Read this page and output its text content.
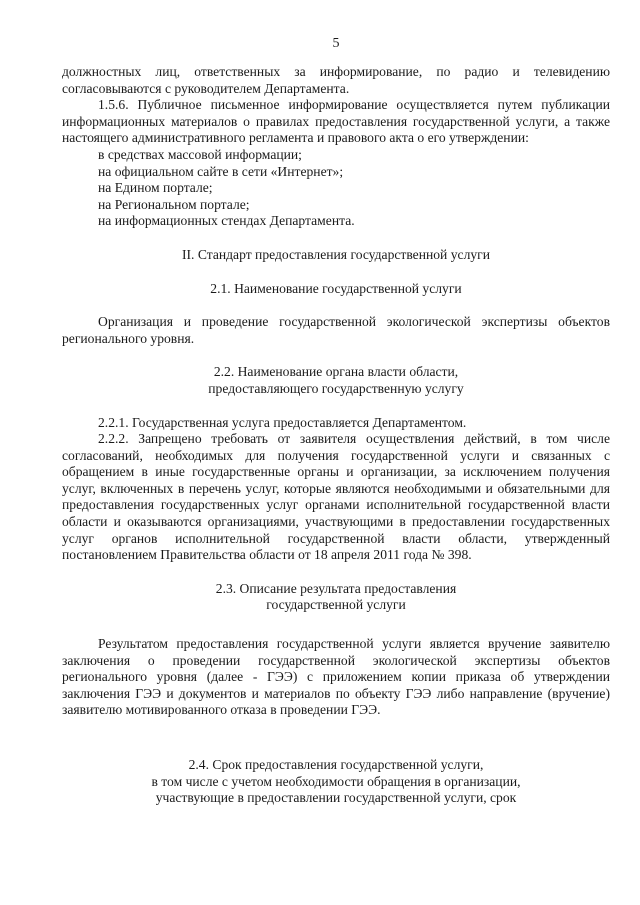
5

должностных лиц, ответственных за информирование, по радио и телевидению согласовываются с руководителем Департамента.

1.5.6. Публичное письменное информирование осуществляется путем публикации информационных материалов о правилах предоставления государственной услуги, а также настоящего административного регламента и правового акта о его утверждении:

в средствах массовой информации;

на официальном сайте в сети «Интернет»;

на Едином портале;

на Региональном портале;

на информационных стендах Департамента.

II. Стандарт предоставления государственной услуги

2.1. Наименование государственной услуги

Организация и проведение государственной экологической экспертизы объектов регионального уровня.

2.2. Наименование органа власти области,

предоставляющего государственную услугу

2.2.1. Государственная услуга предоставляется Департаментом.

2.2.2. Запрещено требовать от заявителя осуществления действий, в том числе согласований, необходимых для получения государственной услуги и связанных с обращением в иные государственные органы и организации, за исключением получения услуг, включенных в перечень услуг, которые являются необходимыми и обязательными для предоставления государственных услуг органами исполнительной государственной власти области и оказываются организациями, участвующими в предоставлении государственных услуг органов исполнительной государственной власти области, утвержденный постановлением Правительства области от 18 апреля 2011 года № 398.

2.3. Описание результата предоставления

государственной услуги

Результатом предоставления государственной услуги является вручение заявителю заключения о проведении государственной экологической экспертизы объектов регионального уровня (далее - ГЭЭ) с приложением копии приказа об утверждении заключения ГЭЭ и документов и материалов по объекту ГЭЭ либо направление (вручение) заявителю мотивированного отказа в проведении ГЭЭ.

2.4. Срок предоставления государственной услуги,

в том числе с учетом необходимости обращения в организации,

участвующие в предоставлении государственной услуги, срок
